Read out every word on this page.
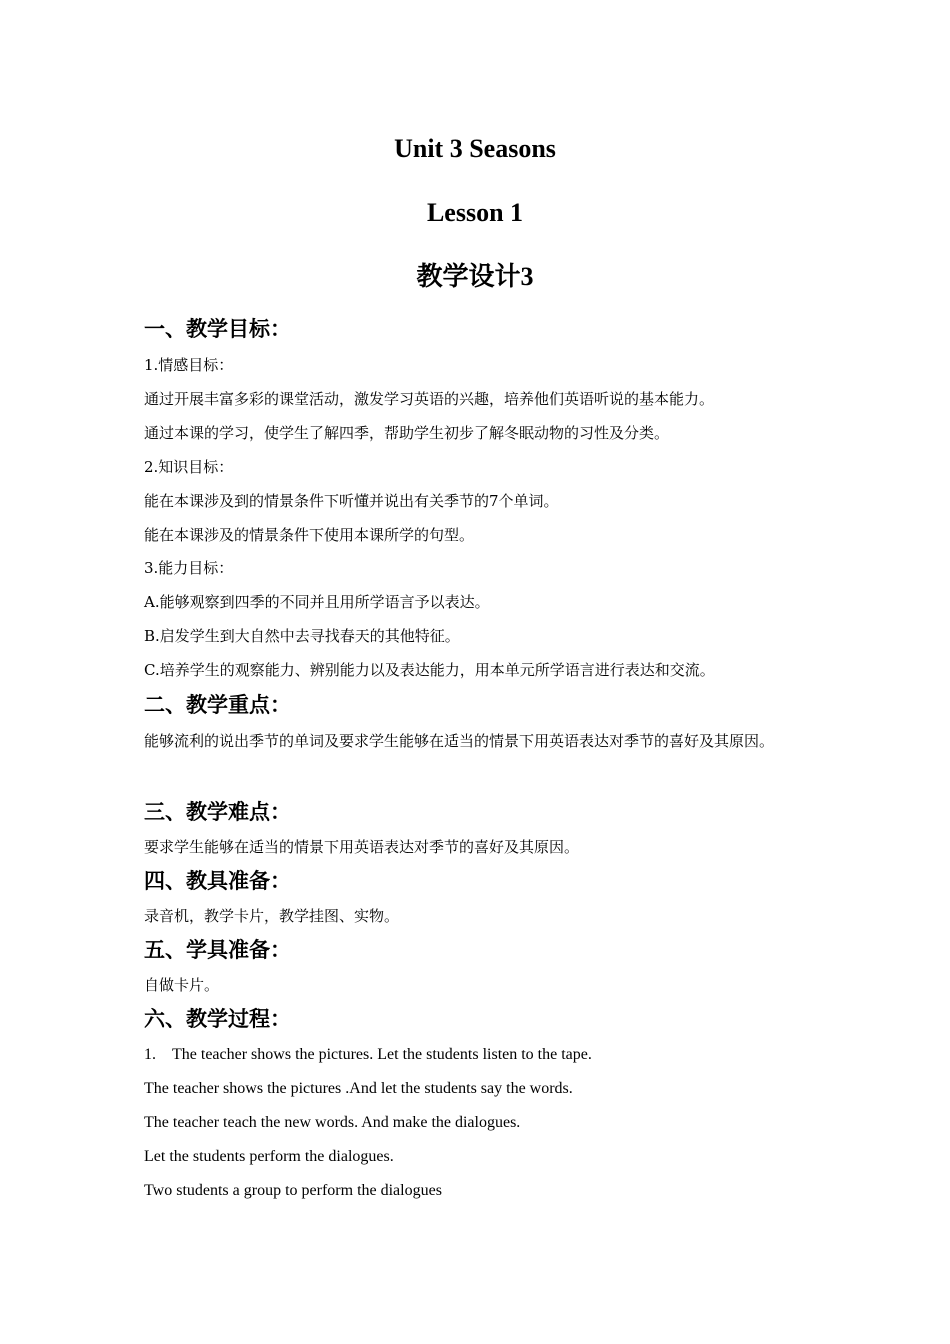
Unit 3 Seasons
Lesson 1
教学设计3
一、教学目标：

1.情感目标：

通过开展丰富多彩的课堂活动，激发学习英语的兴趣，培养他们英语听说的基本能力。

通过本课的学习，使学生了解四季，帮助学生初步了解冬眠动物的习性及分类。

2.知识目标：

能在本课涉及到的情景条件下听懂并说出有关季节的7个单词。

能在本课涉及的情景条件下使用本课所学的句型。

3.能力目标：

A.能够观察到四季的不同并且用所学语言予以表达。

B.启发学生到大自然中去寻找春天的其他特征。

C.培养学生的观察能力、辨别能力以及表达能力，用本单元所学语言进行表达和交流。

二、教学重点：

能够流利的说出季节的单词及要求学生能够在适当的情景下用英语表达对季节的喜好及其原因。

三、教学难点：

要求学生能够在适当的情景下用英语表达对季节的喜好及其原因。

四、教具准备：

录音机，教学卡片，教学挂图、实物。

五、学具准备：

自做卡片。

六、教学过程：

1. The teacher shows the pictures. Let the students listen to the tape.

The teacher shows the pictures .And let the students say the words.

The teacher teach the new words. And make the dialogues.

Let the students perform the dialogues.

Two students a group to perform the dialogues
